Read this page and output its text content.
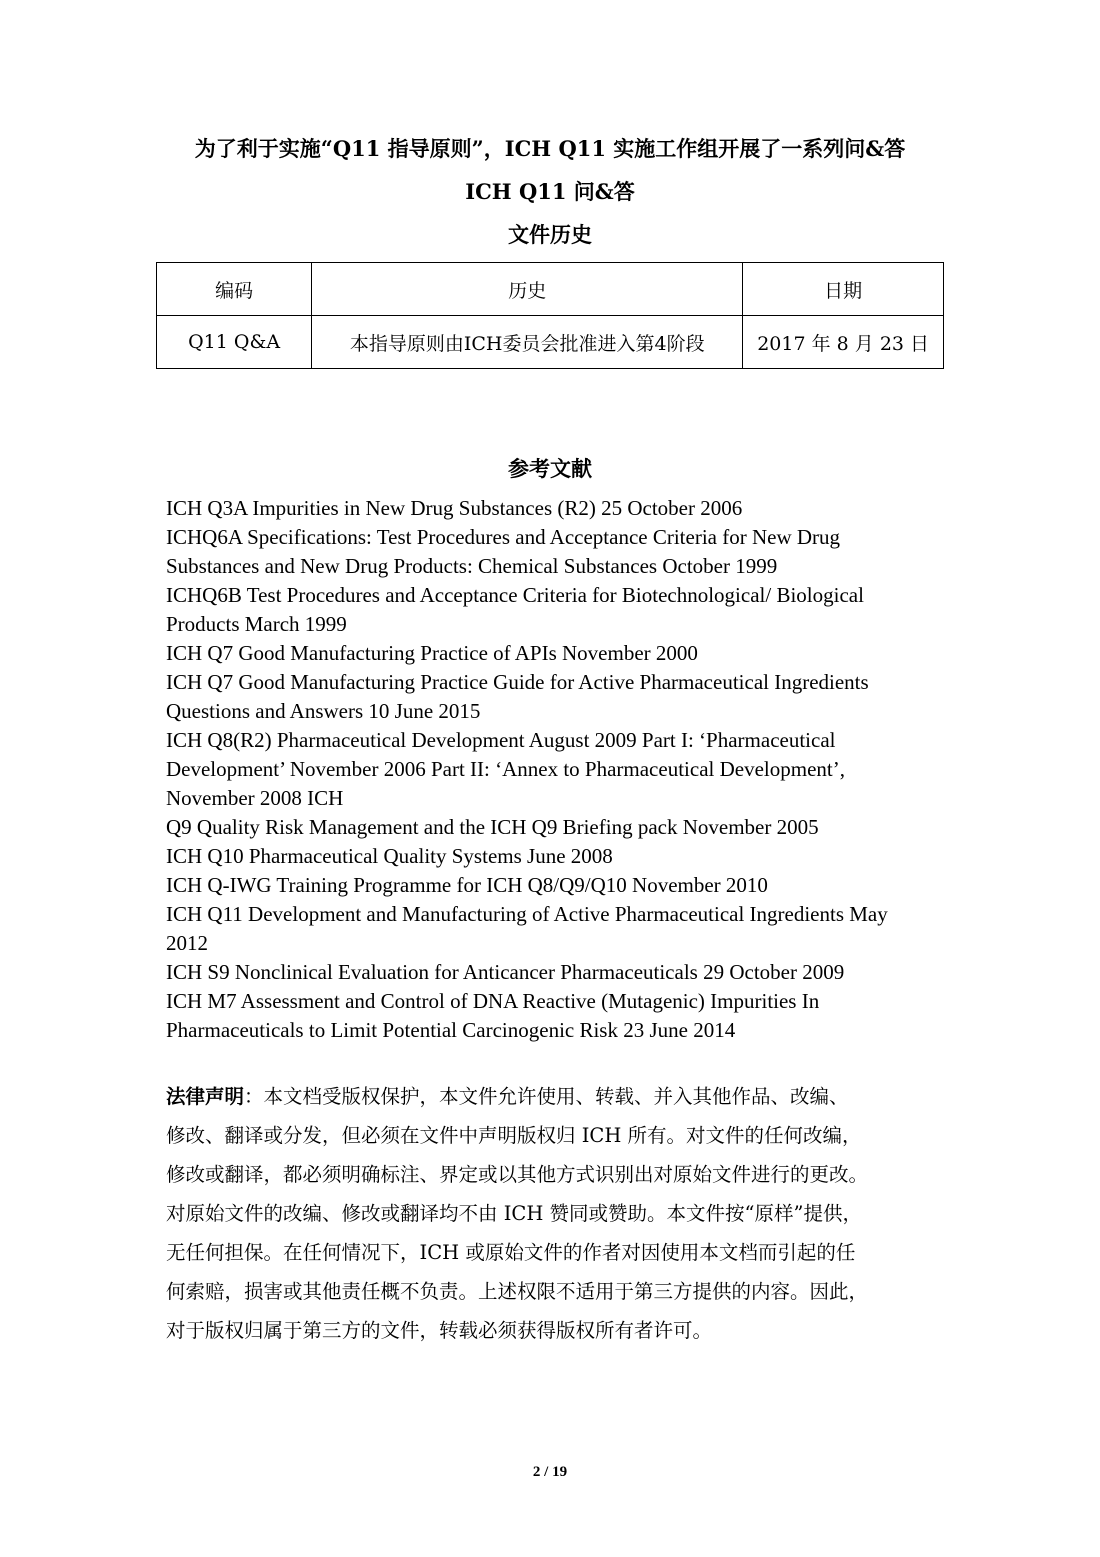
为了利于实施“Q11 指导原则”，ICH Q11 实施工作组开展了一系列问&答
ICH Q11 问&答
文件历史
编码	历史	日期
Q11 Q&A	本指导原则由ICH委员会批准进入第4阶段	2017 年 8 月 23 日
参考文献
ICH Q3A Impurities in New Drug Substances (R2) 25 October 2006
ICHQ6A Specifications: Test Procedures and Acceptance Criteria for New Drug
Substances and New Drug Products: Chemical Substances October 1999
ICHQ6B Test Procedures and Acceptance Criteria for Biotechnological/ Biological
Products March 1999
ICH Q7 Good Manufacturing Practice of APIs November 2000
ICH Q7 Good Manufacturing Practice Guide for Active Pharmaceutical Ingredients
Questions and Answers 10 June 2015
ICH Q8(R2) Pharmaceutical Development August 2009 Part I: ‘Pharmaceutical
Development’ November 2006 Part II: ‘Annex to Pharmaceutical Development’,
November 2008 ICH
Q9 Quality Risk Management and the ICH Q9 Briefing pack November 2005
ICH Q10 Pharmaceutical Quality Systems June 2008
ICH Q-IWG Training Programme for ICH Q8/Q9/Q10 November 2010
ICH Q11 Development and Manufacturing of Active Pharmaceutical Ingredients May
2012
ICH S9 Nonclinical Evaluation for Anticancer Pharmaceuticals 29 October 2009
ICH M7 Assessment and Control of DNA Reactive (Mutagenic) Impurities In
Pharmaceuticals to Limit Potential Carcinogenic Risk 23 June 2014
法律声明：本文档受版权保护，本文件允许使用、转载、并入其他作品、改编、
修改、翻译或分发，但必须在文件中声明版权归 ICH 所有。对文件的任何改编，
修改或翻译，都必须明确标注、界定或以其他方式识别出对原始文件进行的更改。
对原始文件的改编、修改或翻译均不由 ICH 赞同或赞助。本文件按“原样”提供，
无任何担保。在任何情况下，ICH 或原始文件的作者对因使用本文档而引起的任
何索赔，损害或其他责任概不负责。上述权限不适用于第三方提供的内容。因此，
对于版权归属于第三方的文件，转载必须获得版权所有者许可。
2 / 19
